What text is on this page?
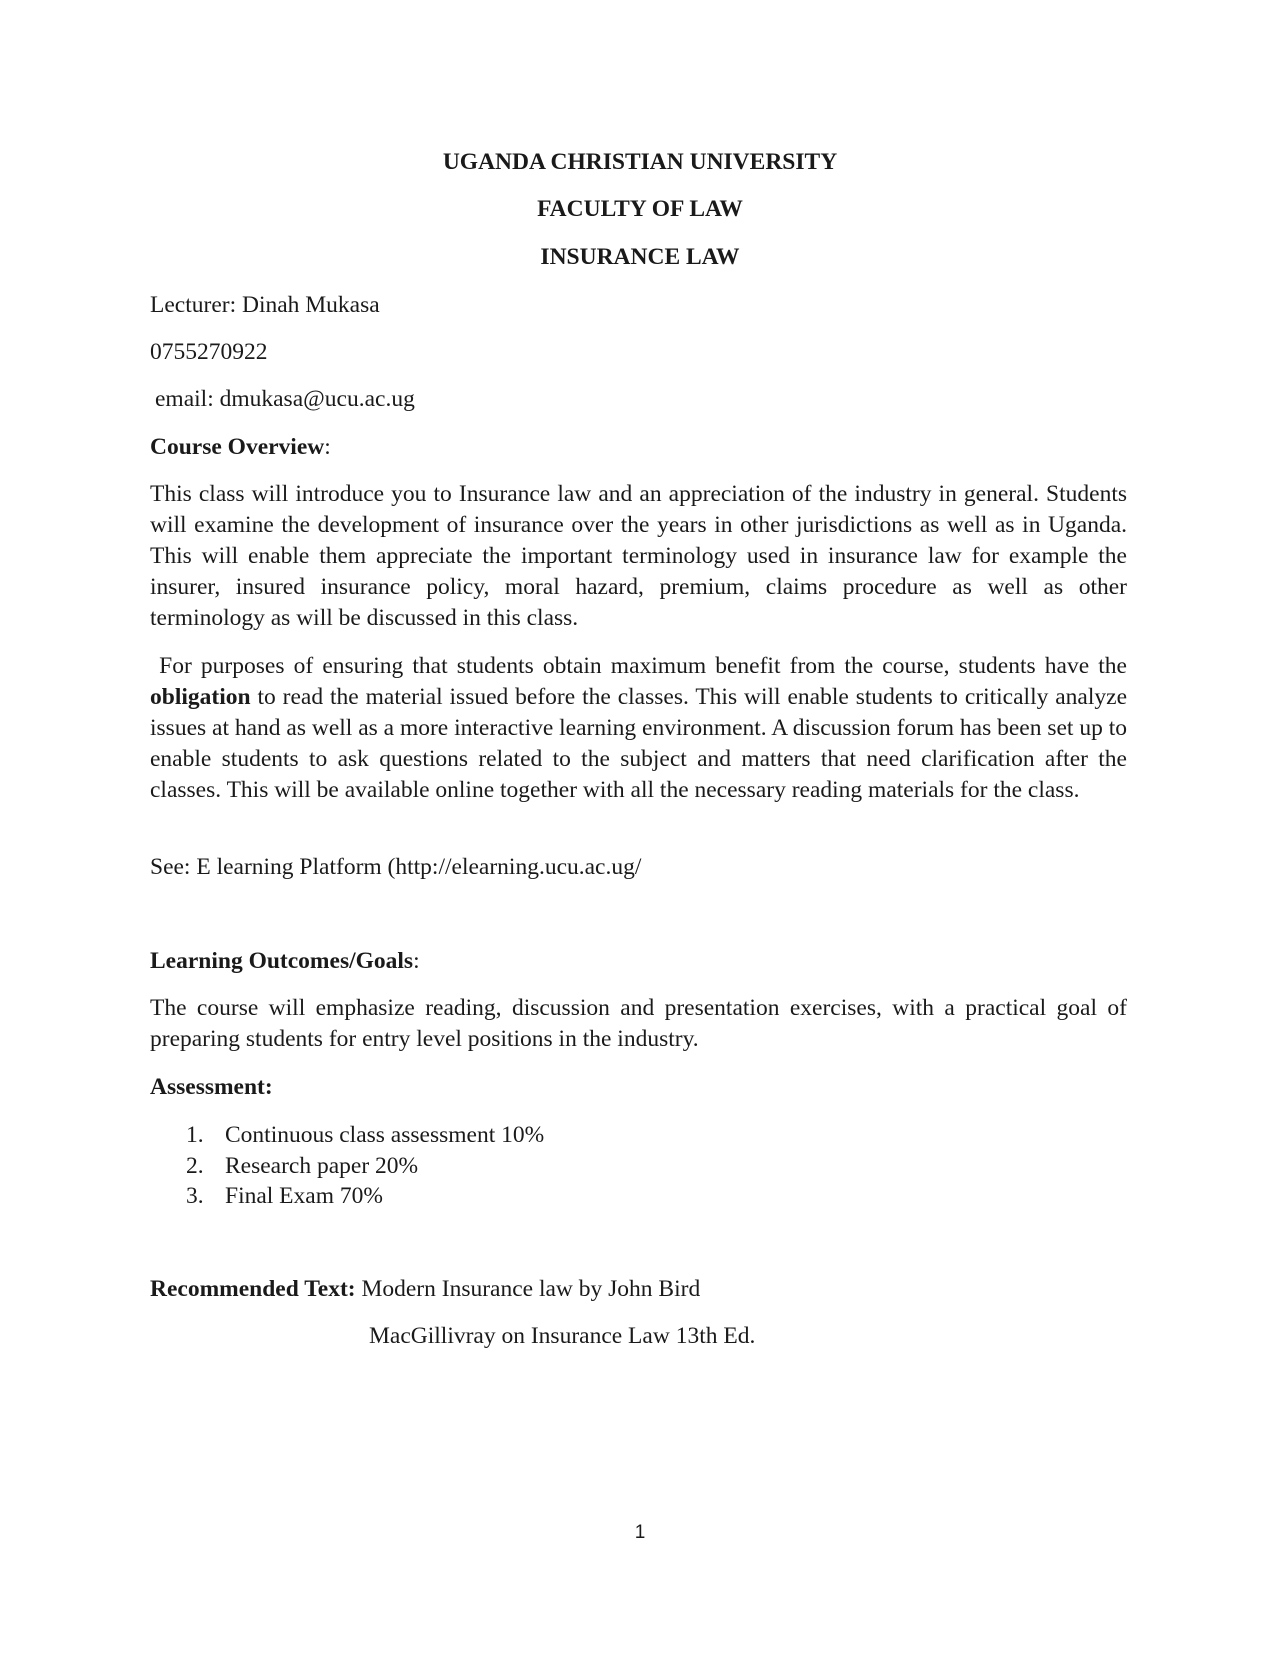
UGANDA CHRISTIAN UNIVERSITY
FACULTY OF LAW
INSURANCE LAW
Lecturer: Dinah Mukasa
0755270922
email: dmukasa@ucu.ac.ug
Course Overview:

This class will introduce you to Insurance law and an appreciation of the industry in general. Students will examine the development of insurance over the years in other jurisdictions as well as in Uganda. This will enable them appreciate the important terminology used in insurance law for example the insurer, insured insurance policy, moral hazard, premium, claims procedure as well as other terminology as will be discussed in this class.

For purposes of ensuring that students obtain maximum benefit from the course, students have the obligation to read the material issued before the classes. This will enable students to critically analyze issues at hand as well as a more interactive learning environment. A discussion forum has been set up to enable students to ask questions related to the subject and matters that need clarification after the classes. This will be available online together with all the necessary reading materials for the class.

See: E learning Platform (http://elearning.ucu.ac.ug/
Learning Outcomes/Goals:

The course will emphasize reading, discussion and presentation exercises, with a practical goal of preparing students for entry level positions in the industry.

Assessment:
1. Continuous class assessment 10%
2. Research paper 20%
3. Final Exam 70%
Recommended Text: Modern Insurance law by John Bird
MacGillivray on Insurance Law 13th Ed.
1
